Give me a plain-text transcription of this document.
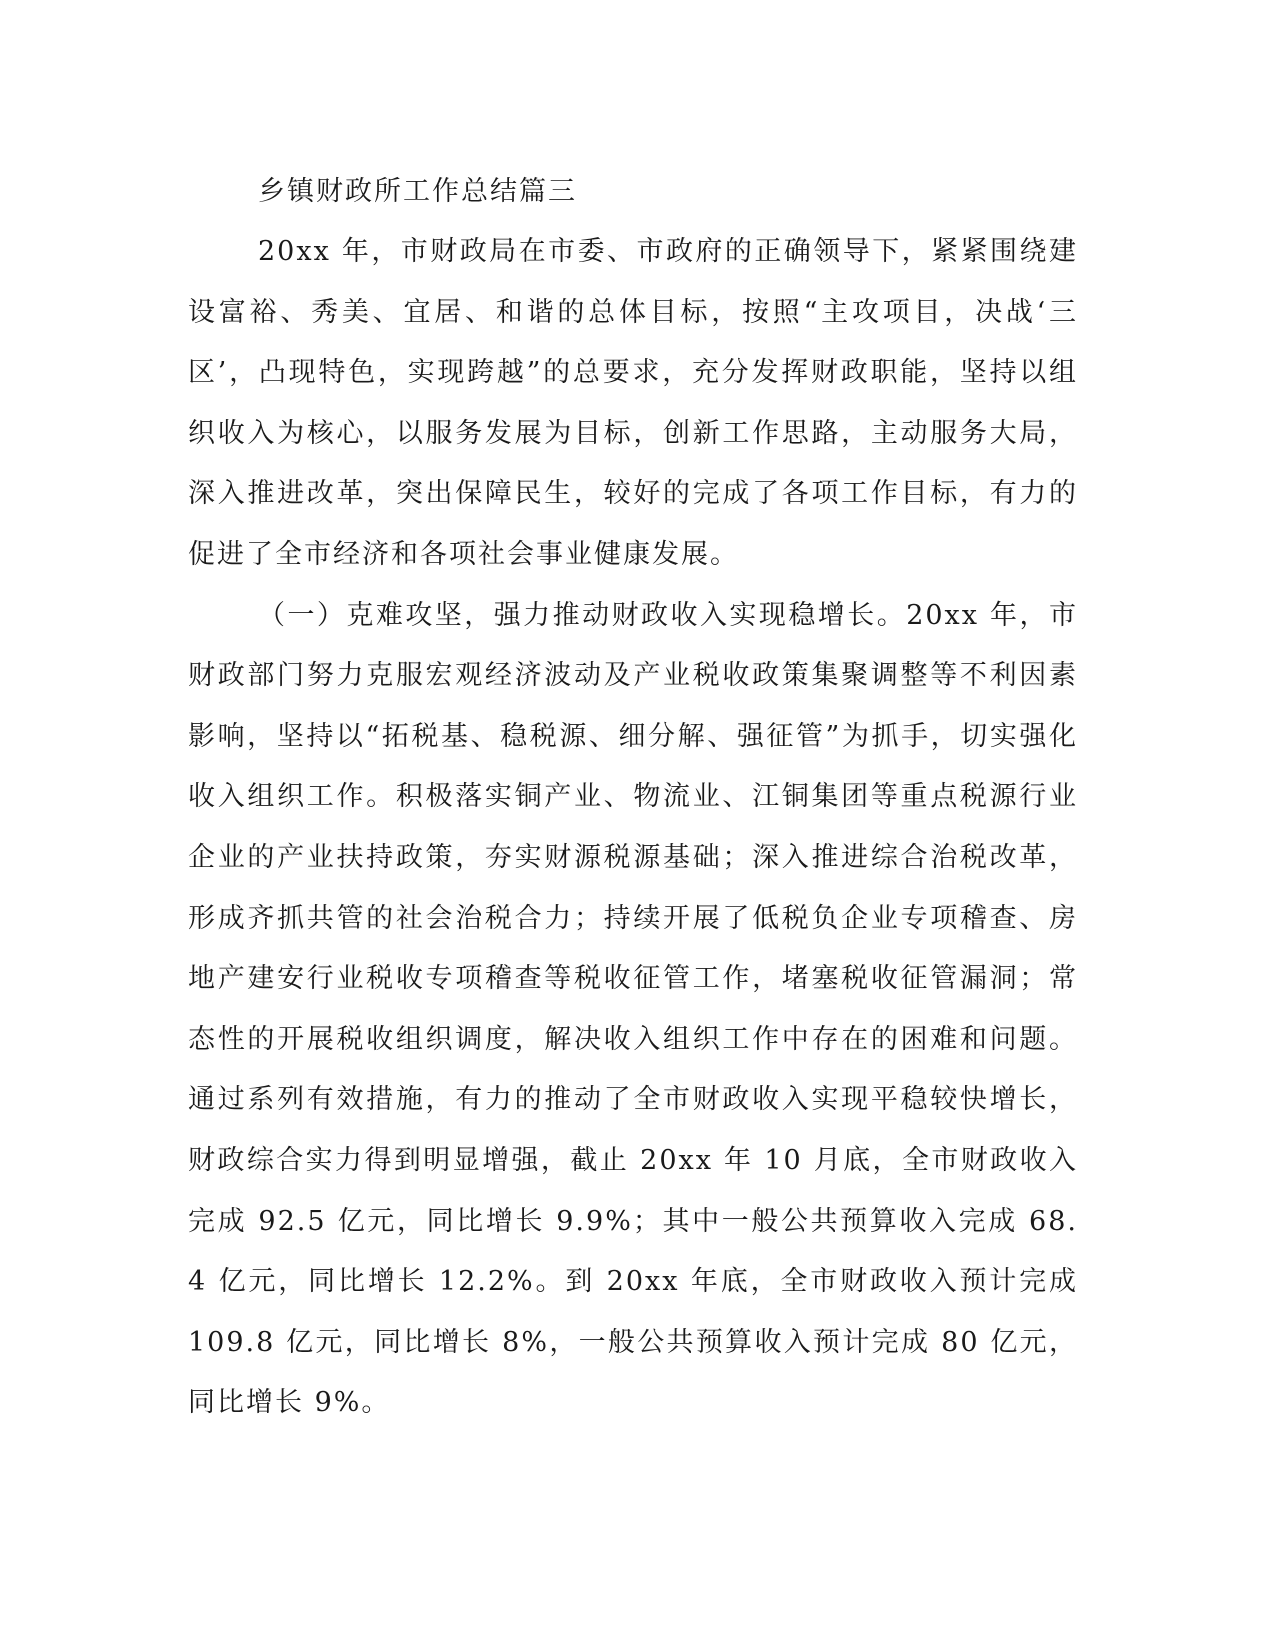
乡镇财政所工作总结篇三

20xx 年，市财政局在市委、市政府的正确领导下，紧紧围绕建设富裕、秀美、宜居、和谐的总体目标，按照“主攻项目，决战‘三区’，凸现特色，实现跨越”的总要求，充分发挥财政职能，坚持以组织收入为核心，以服务发展为目标，创新工作思路，主动服务大局，深入推进改革，突出保障民生，较好的完成了各项工作目标，有力的促进了全市经济和各项社会事业健康发展。

（一）克难攻坚，强力推动财政收入实现稳增长。20xx 年，市财政部门努力克服宏观经济波动及产业税收政策集聚调整等不利因素影响，坚持以“拓税基、稳税源、细分解、强征管”为抓手，切实强化收入组织工作。积极落实铜产业、物流业、江铜集团等重点税源行业企业的产业扶持政策，夯实财源税源基础；深入推进综合治税改革，形成齐抓共管的社会治税合力；持续开展了低税负企业专项稽查、房地产建安行业税收专项稽查等税收征管工作，堵塞税收征管漏洞；常态性的开展税收组织调度，解决收入组织工作中存在的困难和问题。通过系列有效措施，有力的推动了全市财政收入实现平稳较快增长，财政综合实力得到明显增强，截止 20xx 年 10 月底，全市财政收入完成 92.5 亿元，同比增长 9.9%；其中一般公共预算收入完成 68.4 亿元，同比增长 12.2%。到 20xx 年底，全市财政收入预计完成 109.8 亿元，同比增长 8%，一般公共预算收入预计完成 80 亿元，同比增长 9%。
